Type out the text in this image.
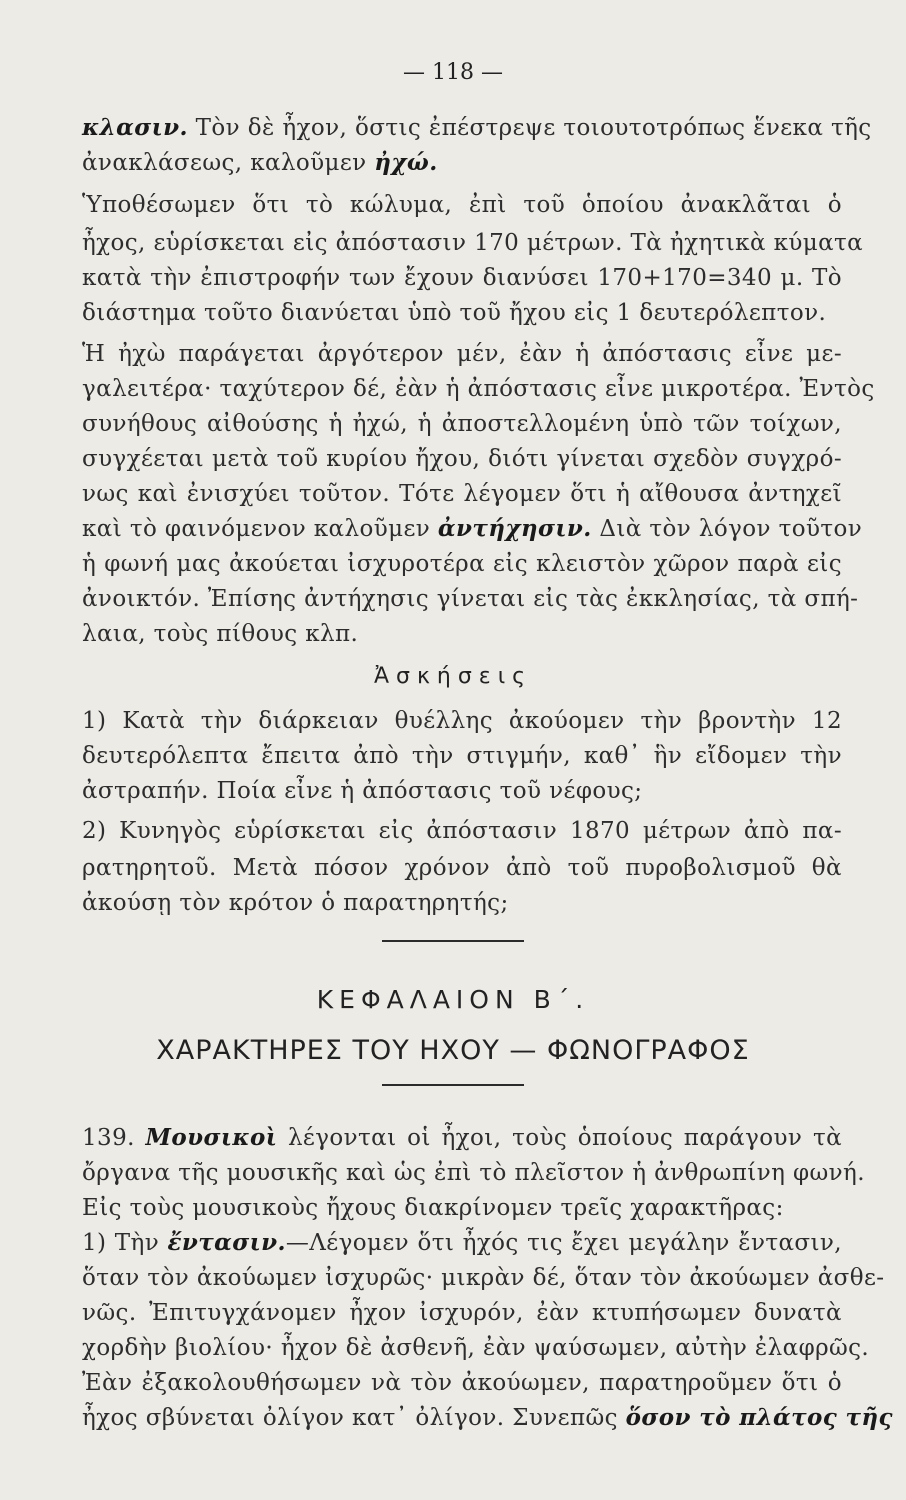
— 118 —
κλασιν. Τὸν δὲ ἦχον, ὅστις ἐπέστρεψε τοιουτοτρόπως ἕνεκα τῆς
ἀνακλάσεως, καλοῦμεν ἠχώ.
Ὑποθέσωμεν ὅτι τὸ κώλυμα, ἐπὶ τοῦ ὁποίου ἀνακλᾶται ὁ
ἦχος, εὑρίσκεται εἰς ἀπόστασιν 170 μέτρων. Τὰ ἠχητικὰ κύματα
κατὰ τὴν ἐπιστροφήν των ἔχουν διανύσει 170+170=340 μ. Τὸ
διάστημα τοῦτο διανύεται ὑπὸ τοῦ ἤχου εἰς 1 δευτερόλεπτον.
Ἡ ἠχὼ παράγεται ἀργότερον μέν, ἐὰν ἡ ἀπόστασις εἶνε με-
γαλειτέρα· ταχύτερον δέ, ἐὰν ἡ ἀπόστασις εἶνε μικροτέρα. Ἐντὸς
συνήθους αἰθούσης ἡ ἠχώ, ἡ ἀποστελλομένη ὑπὸ τῶν τοίχων,
συγχέεται μετὰ τοῦ κυρίου ἤχου, διότι γίνεται σχεδὸν συγχρό-
νως καὶ ἐνισχύει τοῦτον. Τότε λέγομεν ὅτι ἡ αἴθουσα ἀντηχεῖ
καὶ τὸ φαινόμενον καλοῦμεν ἀντήχησιν. Διὰ τὸν λόγον τοῦτον
ἡ φωνή μας ἀκούεται ἰσχυροτέρα εἰς κλειστὸν χῶρον παρὰ εἰς
ἀνοικτόν. Ἐπίσης ἀντήχησις γίνεται εἰς τὰς ἐκκλησίας, τὰ σπή-
λαια, τοὺς πίθους κλπ.
Ἀσκήσεις
1) Κατὰ τὴν διάρκειαν θυέλλης ἀκούομεν τὴν βροντὴν 12
δευτερόλεπτα ἔπειτα ἀπὸ τὴν στιγμήν, καθ᾽ ἣν εἴδομεν τὴν
ἀστραπήν. Ποία εἶνε ἡ ἀπόστασις τοῦ νέφους;
2) Κυνηγὸς εὑρίσκεται εἰς ἀπόστασιν 1870 μέτρων ἀπὸ πα-
ρατηρητοῦ. Μετὰ πόσον χρόνον ἀπὸ τοῦ πυροβολισμοῦ θὰ
ἀκούσῃ τὸν κρότον ὁ παρατηρητής;
ΚΕΦΑΛΑΙΟΝ Β΄.
ΧΑΡΑΚΤΗΡΕΣ ΤΟΥ ΗΧΟΥ — ΦΩΝΟΓΡΑΦΟΣ
139. Μουσικοὶ λέγονται οἱ ἦχοι, τοὺς ὁποίους παράγουν τὰ
ὄργανα τῆς μουσικῆς καὶ ὡς ἐπὶ τὸ πλεῖστον ἡ ἀνθρωπίνη φωνή.
Εἰς τοὺς μουσικοὺς ἤχους διακρίνομεν τρεῖς χαρακτῆρας:
1) Τὴν ἔντασιν.—Λέγομεν ὅτι ἦχός τις ἔχει μεγάλην ἔντασιν,
ὅταν τὸν ἀκούωμεν ἰσχυρῶς· μικρὰν δέ, ὅταν τὸν ἀκούωμεν ἀσθε-
νῶς. Ἐπιτυγχάνομεν ἦχον ἰσχυρόν, ἐὰν κτυπήσωμεν δυνατὰ
χορδὴν βιολίου· ἦχον δὲ ἀσθενῆ, ἐὰν ψαύσωμεν, αὐτὴν ἐλαφρῶς.
Ἐὰν ἐξακολουθήσωμεν νὰ τὸν ἀκούωμεν, παρατηροῦμεν ὅτι ὁ
ἦχος σβύνεται ὀλίγον κατ᾽ ὀλίγον. Συνεπῶς ὅσον τὸ πλάτος τῆς
